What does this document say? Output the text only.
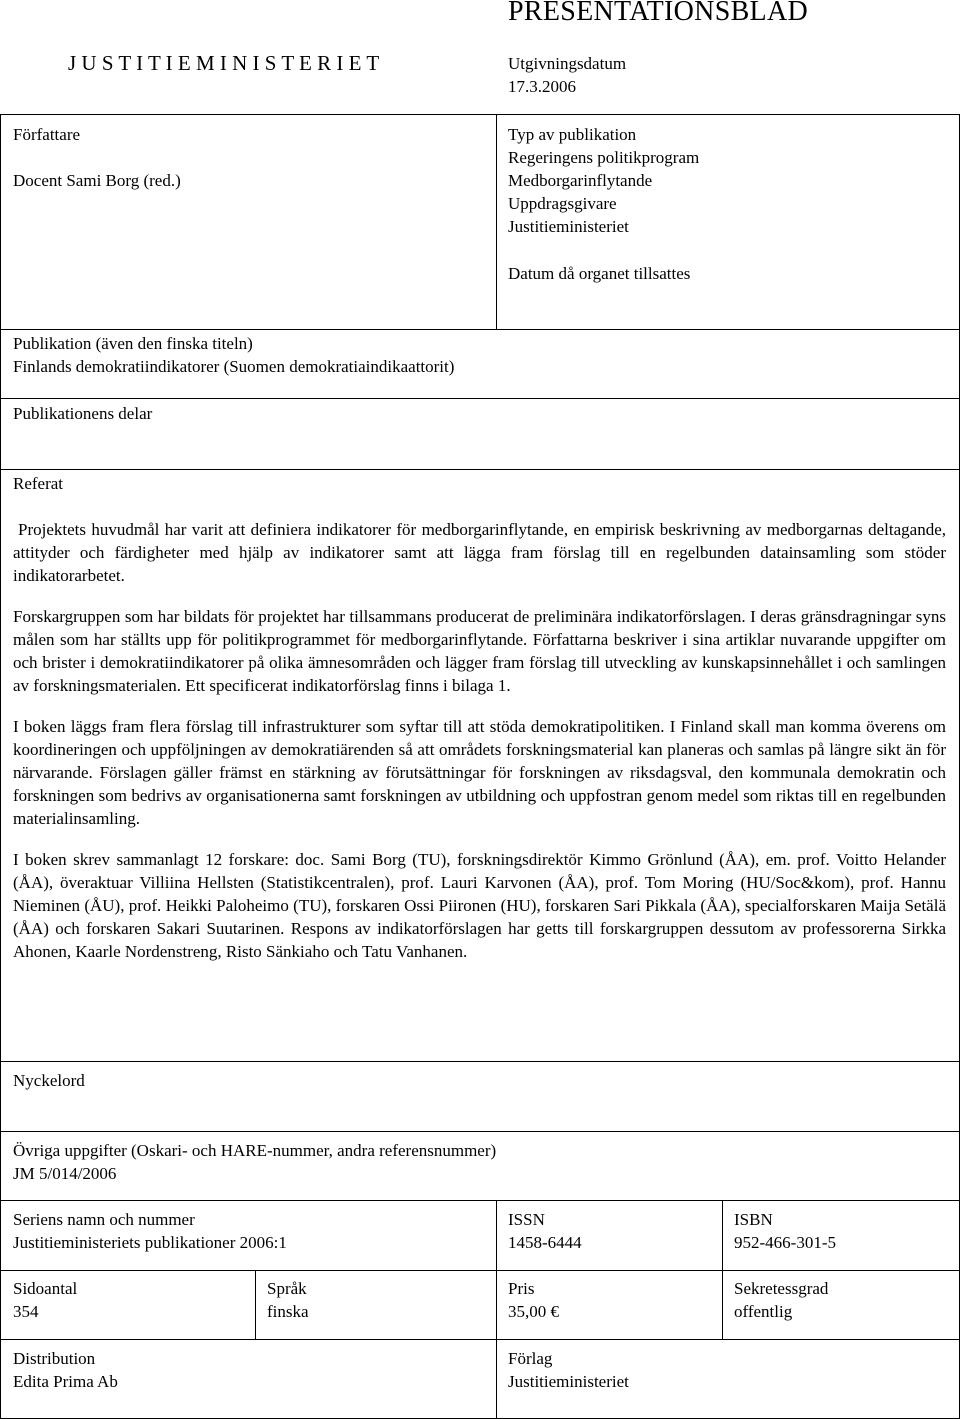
J U S T I T I E M I N I S T E R I E T
PRESENTATIONSBLAD
Utgivningsdatum
17.3.2006
Författare
Docent Sami Borg (red.)
Typ av publikation
Regeringens politikprogram
Medborgarinflytande
Uppdragsgivare
Justitieministeriet
Datum då organet tillsattes
Publikation (även den finska titeln)
Finlands demokratiindikatorer (Suomen demokratiaindikaattorit)
Publikationens delar
Referat

Projektets huvudmål har varit att definiera indikatorer för medborgarinflytande, en empirisk beskrivning av medborgarnas deltagande, attityder och färdigheter med hjälp av indikatorer samt att lägga fram förslag till en regelbunden datainsamling som stöder indikatorarbetet.

Forskargruppen som har bildats för projektet har tillsammans producerat de preliminära indikatorförslagen. I deras gränsdragningar syns målen som har ställts upp för politikprogrammet för medborgarinflytande. Författarna beskriver i sina artiklar nuvarande uppgifter om och brister i demokratiindikatorer på olika ämnesområden och lägger fram förslag till utveckling av kunskapsinnehållet i och samlingen av forskningsmaterialen. Ett specificerat indikatorförslag finns i bilaga 1.

I boken läggs fram flera förslag till infrastrukturer som syftar till att stöda demokratipolitiken. I Finland skall man komma överens om koordineringen och uppföljningen av demokratiärenden så att områdets forskningsmaterial kan planeras och samlas på längre sikt än för närvarande. Förslagen gäller främst en stärkning av förutsättningar för forskningen av riksdagsval, den kommunala demokratin och forskningen som bedrivs av organisationerna samt forskningen av utbildning och uppfostran genom medel som riktas till en regelbunden materialinsamling.

I boken skrev sammanlagt 12 forskare: doc. Sami Borg (TU), forskningsdirektör Kimmo Grönlund (ÅA), em. prof. Voitto Helander (ÅA), överaktuar Villiina Hellsten (Statistikcentralen), prof. Lauri Karvonen (ÅA), prof. Tom Moring (HU/Soc&kom), prof. Hannu Nieminen (ÅU), prof. Heikki Paloheimo (TU), forskaren Ossi Piironen (HU), forskaren Sari Pikkala (ÅA), specialforskaren Maija Setälä (ÅA) och forskaren Sakari Suutarinen. Respons av indikatorförslagen har getts till forskargruppen dessutom av professorerna Sirkka Ahonen, Kaarle Nordenstreng, Risto Sänkiaho och Tatu Vanhanen.

Nyckelord
Övriga uppgifter (Oskari- och HARE-nummer, andra referensnummer)
JM 5/014/2006
Seriens namn och nummer
Justitieministeriets publikationer 2006:1
ISSN
1458-6444
ISBN
952-466-301-5
Sidoantal
354
Språk
finska
Pris
35,00 €
Sekretessgrad
offentlig
Distribution
Edita Prima Ab
Förlag
Justitieministeriet
